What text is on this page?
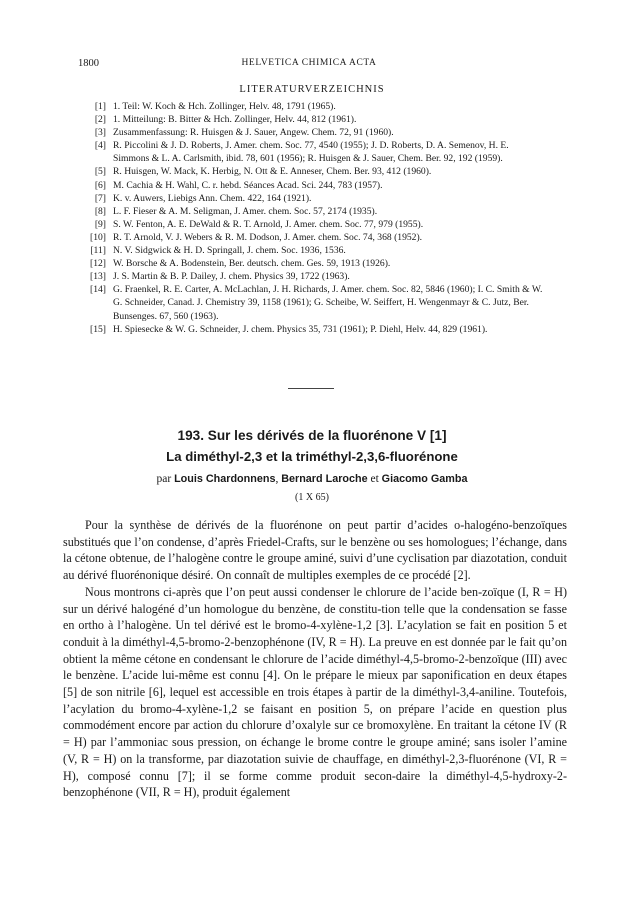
1800	HELVETICA CHIMICA ACTA
LITERATURVERZEICHNIS
[1] 1. Teil: W. Koch & Hch. Zollinger, Helv. 48, 1791 (1965).
[2] 1. Mitteilung: B. Bitter & Hch. Zollinger, Helv. 44, 812 (1961).
[3] Zusammenfassung: R. Huisgen & J. Sauer, Angew. Chem. 72, 91 (1960).
[4] R. Piccolini & J. D. Roberts, J. Amer. chem. Soc. 77, 4540 (1955); J. D. Roberts, D. A. Semenov, H. E. Simmons & L. A. Carlsmith, ibid. 78, 601 (1956); R. Huisgen & J. Sauer, Chem. Ber. 92, 192 (1959).
[5] R. Huisgen, W. Mack, K. Herbig, N. Ott & E. Anneser, Chem. Ber. 93, 412 (1960).
[6] M. Cachia & H. Wahl, C. r. hebd. Séances Acad. Sci. 244, 783 (1957).
[7] K. v. Auwers, Liebigs Ann. Chem. 422, 164 (1921).
[8] L. F. Fieser & A. M. Seligman, J. Amer. chem. Soc. 57, 2174 (1935).
[9] S. W. Fenton, A. E. DeWald & R. T. Arnold, J. Amer. chem. Soc. 77, 979 (1955).
[10] R. T. Arnold, V. J. Webers & R. M. Dodson, J. Amer. chem. Soc. 74, 368 (1952).
[11] N. V. Sidgwick & H. D. Springall, J. chem. Soc. 1936, 1536.
[12] W. Borsche & A. Bodenstein, Ber. deutsch. chem. Ges. 59, 1913 (1926).
[13] J. S. Martin & B. P. Dailey, J. chem. Physics 39, 1722 (1963).
[14] G. Fraenkel, R. E. Carter, A. McLachlan, J. H. Richards, J. Amer. chem. Soc. 82, 5846 (1960); I. C. Smith & W. G. Schneider, Canad. J. Chemistry 39, 1158 (1961); G. Scheibe, W. Seiffert, H. Wengenmayr & C. Jutz, Ber. Bunsenges. 67, 560 (1963).
[15] H. Spiesecke & W. G. Schneider, J. chem. Physics 35, 731 (1961); P. Diehl, Helv. 44, 829 (1961).
193. Sur les dérivés de la fluorénone V [1]
La diméthyl-2,3 et la triméthyl-2,3,6-fluorénone
par Louis Chardonnens, Bernard Laroche et Giacomo Gamba
(1 X 65)

Pour la synthèse de dérivés de la fluorénone on peut partir d’acides o-halogéno-benzoïques substitués que l’on condense, d’après Friedel-Crafts, sur le benzène ou ses homologues; l’échange, dans la cétone obtenue, de l’halogène contre le groupe aminé, suivi d’une cyclisation par diazotation, conduit au dérivé fluorénonique désiré. On connaît de multiples exemples de ce procédé [2].

Nous montrons ci-après que l’on peut aussi condenser le chlorure de l’acide ben-zoïque (I, R = H) sur un dérivé halogéné d’un homologue du benzène, de constitu-tion telle que la condensation se fasse en ortho à l’halogène. Un tel dérivé est le bromo-4-xylène-1,2 [3]. L’acylation se fait en position 5 et conduit à la diméthyl-4,5-bromo-2-benzophénone (IV, R = H). La preuve en est donnée par le fait qu’on obtient la même cétone en condensant le chlorure de l’acide diméthyl-4,5-bromo-2-benzoïque (III) avec le benzène. L’acide lui-même est connu [4]. On le prépare le mieux par saponification en deux étapes [5] de son nitrile [6], lequel est accessible en trois étapes à partir de la diméthyl-3,4-aniline. Toutefois, l’acylation du bromo-4-xylène-1,2 se faisant en position 5, on prépare l’acide en question plus commodément encore par action du chlorure d’oxalyle sur ce bromoxylène. En traitant la cétone IV (R = H) par l’ammoniac sous pression, on échange le brome contre le groupe aminé; sans isoler l’amine (V, R = H) on la transforme, par diazotation suivie de chauffage, en diméthyl-2,3-fluorénone (VI, R = H), composé connu [7]; il se forme comme produit secon-daire la diméthyl-4,5-hydroxy-2-benzophénone (VII, R = H), produit également
